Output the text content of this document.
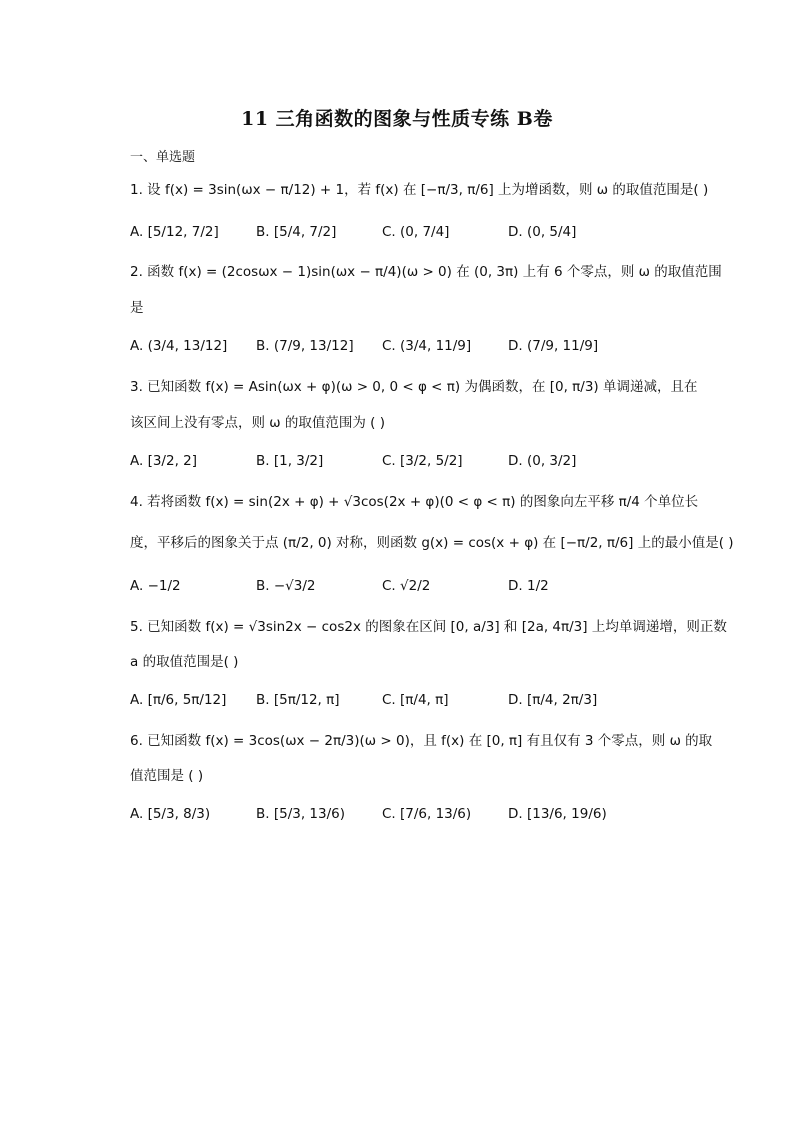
11 三角函数的图象与性质专练 B卷
一、单选题
1. 设 f(x) = 3sin(ωx − π/12) + 1，若 f(x) 在 [−π/3, π/6] 上为增函数，则 ω 的取值范围是( )
A. [5/12, 7/2]	B. [5/4, 7/2]	C. (0, 7/4]	D. (0, 5/4]
2. 函数 f(x) = (2cosωx − 1)sin(ωx − π/4)(ω > 0) 在 (0, 3π) 上有 6 个零点，则 ω 的取值范围
是
A. (3/4, 13/12] B. (7/9, 13/12] C. (3/4, 11/9]	D. (7/9, 11/9]
3. 已知函数 f(x) = Asin(ωx + φ)(ω > 0, 0 < φ < π) 为偶函数，在 [0, π/3) 单调递减，且在
该区间上没有零点，则 ω 的取值范围为 ( )
A. [3/2, 2]	B. [1, 3/2]	C. [3/2, 5/2]	D. (0, 3/2]
4. 若将函数 f(x) = sin(2x + φ) + √3cos(2x + φ)(0 < φ < π) 的图象向左平移 π/4 个单位长
度，平移后的图象关于点 (π/2, 0) 对称，则函数 g(x) = cos(x + φ) 在 [−π/2, π/6] 上的最小值是( )
A. −1/2	B. −√3/2	C. √2/2	D. 1/2
5. 已知函数 f(x) = √3sin2x − cos2x 的图象在区间 [0, a/3] 和 [2a, 4π/3] 上均单调递增，则正数
a 的取值范围是( )
A. [π/6, 5π/12] B. [5π/12, π]	C. [π/4, π]	D. [π/4, 2π/3]
6. 已知函数 f(x) = 3cos(ωx − 2π/3)(ω > 0)，且 f(x) 在 [0, π] 有且仅有 3 个零点，则 ω 的取
值范围是 ( )
A. [5/3, 8/3)	B. [5/3, 13/6)	C. [7/6, 13/6)	D. [13/6, 19/6)
